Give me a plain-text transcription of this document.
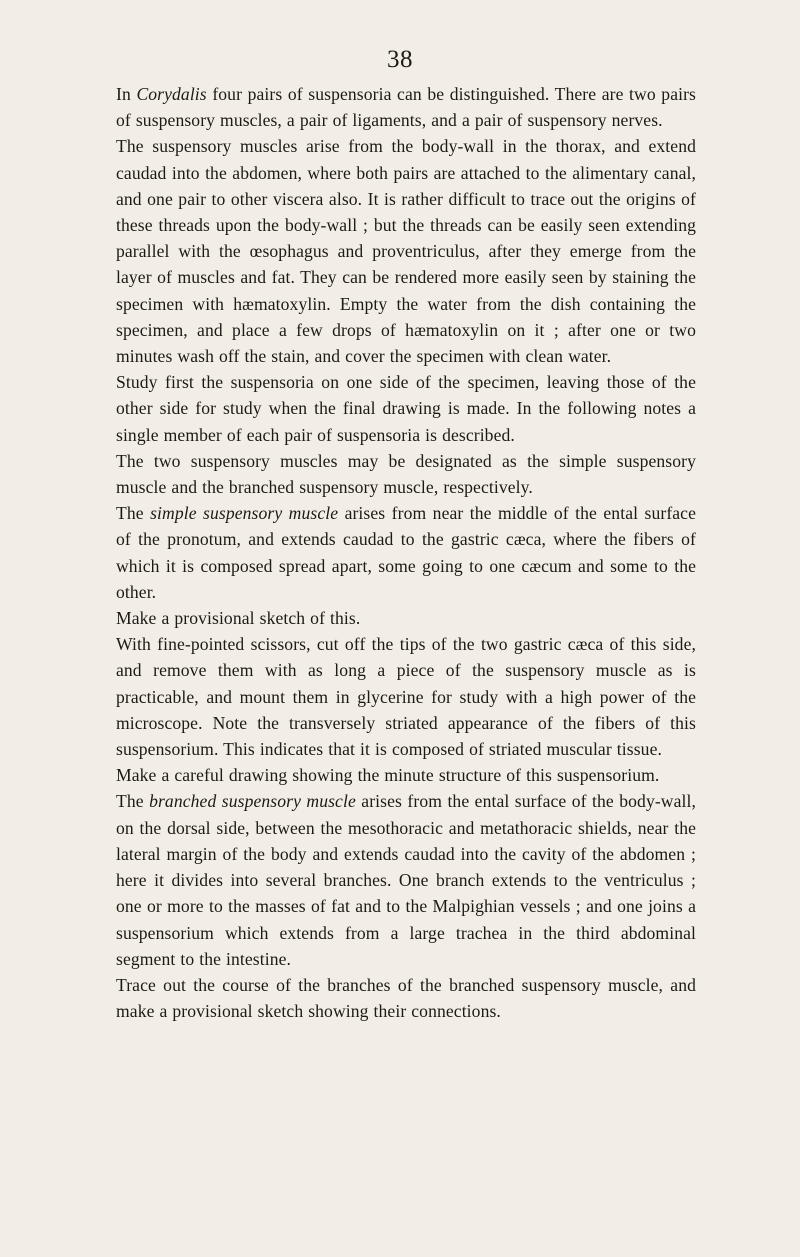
38

In Corydalis four pairs of suspensoria can be distinguished. There are two pairs of suspensory muscles, a pair of ligaments, and a pair of suspensory nerves.

The suspensory muscles arise from the body-wall in the thorax, and extend caudad into the abdomen, where both pairs are attached to the alimentary canal, and one pair to other viscera also. It is rather difficult to trace out the origins of these threads upon the body-wall ; but the threads can be easily seen extending parallel with the œsophagus and proventriculus, after they emerge from the layer of muscles and fat. They can be rendered more easily seen by staining the specimen with hæmatoxylin. Empty the water from the dish containing the specimen, and place a few drops of hæmatoxylin on it ; after one or two minutes wash off the stain, and cover the specimen with clean water.

Study first the suspensoria on one side of the specimen, leaving those of the other side for study when the final drawing is made. In the following notes a single member of each pair of suspensoria is described.

The two suspensory muscles may be designated as the simple suspensory muscle and the branched suspensory muscle, respectively.

The simple suspensory muscle arises from near the middle of the ental surface of the pronotum, and extends caudad to the gastric cæca, where the fibers of which it is composed spread apart, some going to one cæcum and some to the other.

Make a provisional sketch of this.

With fine-pointed scissors, cut off the tips of the two gastric cæca of this side, and remove them with as long a piece of the suspensory muscle as is practicable, and mount them in glycerine for study with a high power of the microscope. Note the transversely striated appearance of the fibers of this suspensorium. This indicates that it is composed of striated muscular tissue.

Make a careful drawing showing the minute structure of this suspensorium.

The branched suspensory muscle arises from the ental surface of the body-wall, on the dorsal side, between the mesothoracic and metathoracic shields, near the lateral margin of the body and extends caudad into the cavity of the abdomen ; here it divides into several branches. One branch extends to the ventriculus ; one or more to the masses of fat and to the Malpighian vessels ; and one joins a suspensorium which extends from a large trachea in the third abdominal segment to the intestine.

Trace out the course of the branches of the branched suspensory muscle, and make a provisional sketch showing their connections.
